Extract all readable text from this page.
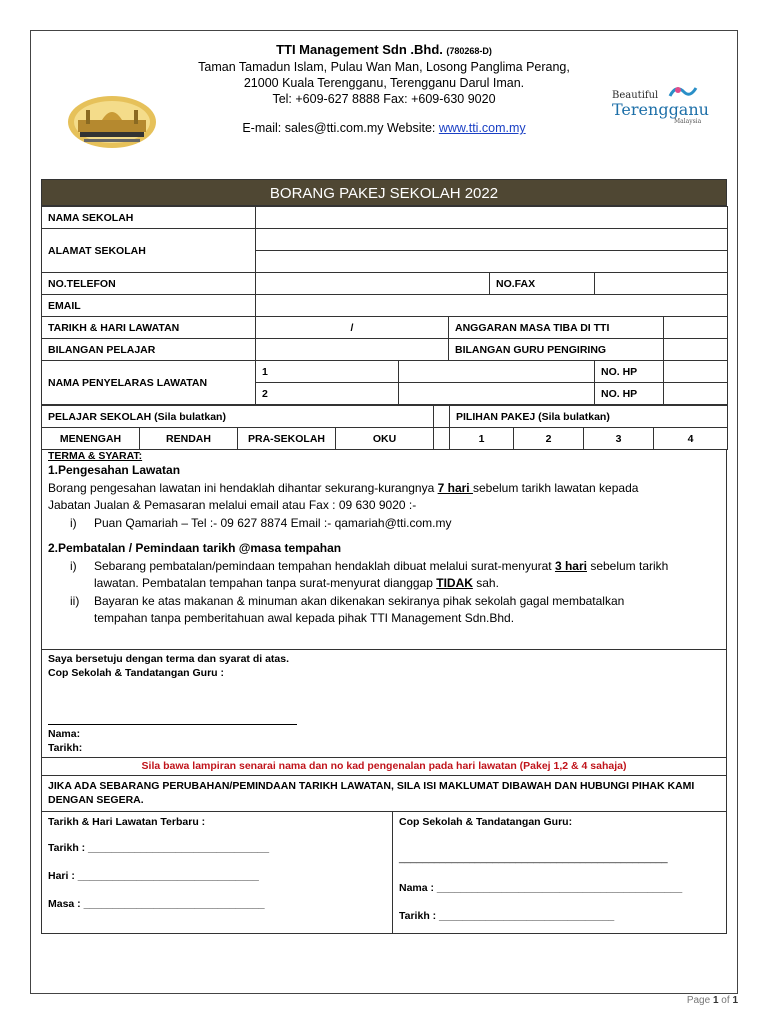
TTI Management Sdn .Bhd. (780268-D)
Taman Tamadun Islam, Pulau Wan Man, Losong Panglima Perang,
21000 Kuala Terengganu, Terengganu Darul Iman.
Tel: +609-627 8888 Fax: +609-630 9020
E-mail: sales@tti.com.my Website: www.tti.com.my
Beautiful
Terengganu
Malaysia
BORANG PAKEJ SEKOLAH 2022
NAMA SEKOLAH						
ALAMAT SEKOLAH						

NO.TELEFON				NO.FAX		
EMAIL						
TARIKH & HARI LAWATAN	/		ANGGARAN MASA TIBA DI TTI			
BILANGAN PELAJAR			BILANGAN GURU PENGIRING			
NAMA PENYELARAS LAWATAN	1				NO. HP	
	2				NO. HP	
PELAJAR SEKOLAH (Sila bulatkan)					PILIHAN PAKEJ (Sila bulatkan)			
MENENGAH	RENDAH	PRA-SEKOLAH	OKU		1	2	3	4
TERMA & SYARAT:
1.Pengesahan Lawatan
Borang pengesahan lawatan ini hendaklah dihantar sekurang-kurangnya 7 hari sebelum tarikh lawatan kepada
Jabatan Jualan & Pemasaran melalui email atau Fax : 09 630 9020 :-
i)	Puan Qamariah – Tel :- 09 627 8874 Email :- qamariah@tti.com.my
2.Pembatalan / Pemindaan tarikh @masa tempahan
i)	Sebarang pembatalan/pemindaan tempahan hendaklah dibuat melalui surat-menyurat 3 hari sebelum tarikh
lawatan. Pembatalan tempahan tanpa surat-menyurat dianggap TIDAK sah.
ii)	Bayaran ke atas makanan & minuman akan dikenakan sekiranya pihak sekolah gagal membatalkan
tempahan tanpa pemberitahuan awal kepada pihak TTI Management Sdn.Bhd.
Saya bersetuju dengan terma dan syarat di atas.
Cop Sekolah & Tandatangan Guru :
Nama:
Tarikh:
Sila bawa lampiran senarai nama dan no kad pengenalan pada hari lawatan (Pakej 1,2 & 4 sahaja)
JIKA ADA SEBARANG PERUBAHAN/PEMINDAAN TARIKH LAWATAN, SILA ISI MAKLUMAT DIBAWAH DAN HUBUNGI PIHAK KAMI DENGAN SEGERA.
Tarikh & Hari Lawatan Terbaru :
Tarikh : _______________________________
Hari : _______________________________
Masa : _______________________________
Cop Sekolah & Tandatangan Guru:
______________________________________________
Nama : __________________________________________
Tarikh : ______________________________
Page 1 of 1
